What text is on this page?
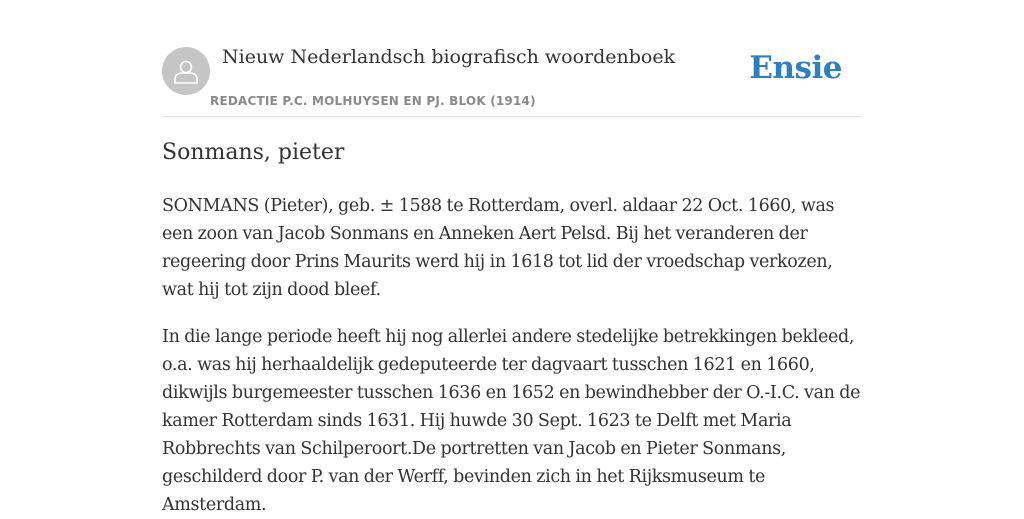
Nieuw Nederlandsch biografisch woordenboek
REDACTIE P.C. MOLHUYSEN EN PJ. BLOK (1914)
Ensie
Sonmans, pieter

SONMANS (Pieter), geb. ± 1588 te Rotterdam, overl. aldaar 22 Oct. 1660, was een zoon van Jacob Sonmans en Anneken Aert Pelsd. Bij het veranderen der regeering door Prins Maurits werd hij in 1618 tot lid der vroedschap verkozen, wat hij tot zijn dood bleef.

In die lange periode heeft hij nog allerlei andere stedelijke betrekkingen bekleed, o.a. was hij herhaaldelijk gedeputeerde ter dagvaart tusschen 1621 en 1660, dikwijls burgemeester tusschen 1636 en 1652 en bewindhebber der O.-I.C. van de kamer Rotterdam sinds 1631. Hij huwde 30 Sept. 1623 te Delft met Maria Robbrechts van Schilperoort.De portretten van Jacob en Pieter Sonmans, geschilderd door P. van der Werff, bevinden zich in het Rijksmuseum te Amsterdam.
